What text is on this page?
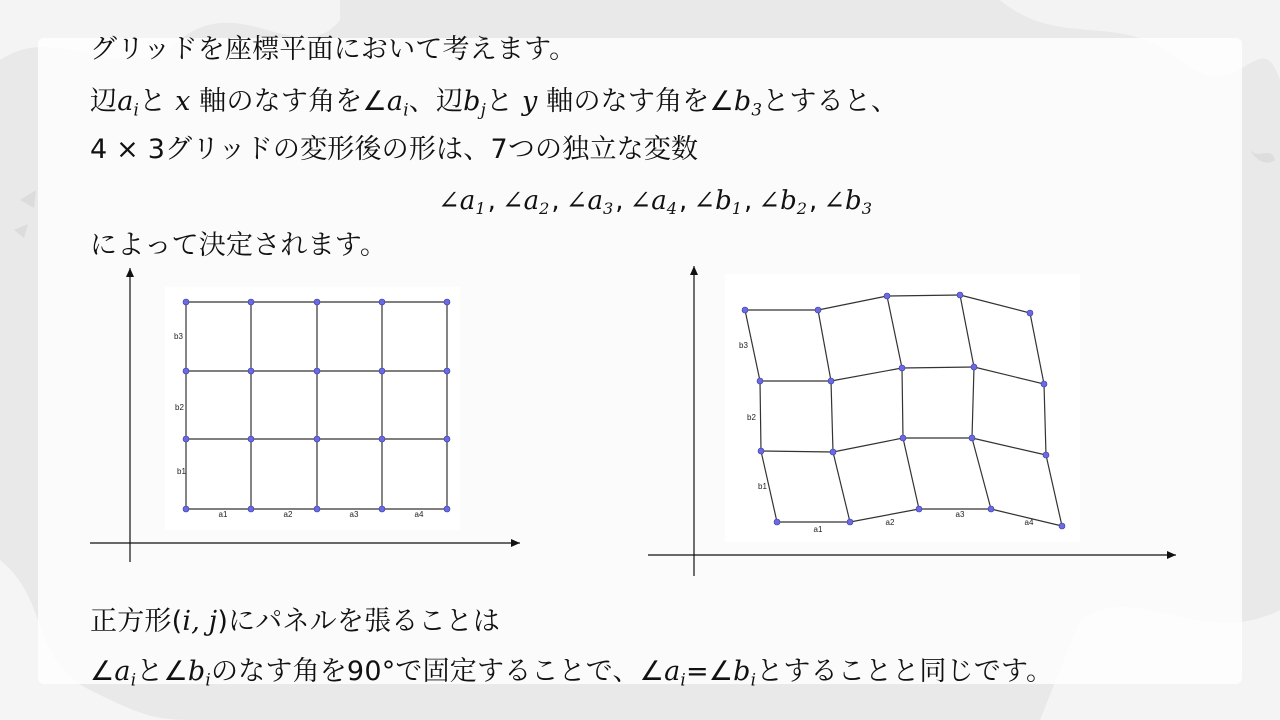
グリッドを座標平面において考えます。
辺$a_i$と x 軸のなす角を$\angle a_i$、辺$b_j$と y 軸のなす角を$\angle b_3$とすると、
4 × 3グリッドの変形後の形は、7つの独立な変数
$\angle a_1$, $\angle a_2$, $\angle a_3$, $\angle a_4$, $\angle b_1$, $\angle b_2$, $\angle b_3$
によって決定されます。
a1	a2	a3	a4
b1
b2
b3
a1
a2
a3
a4
b1
b2
b3
正方形(i, j)にパネルを張ることは
$\angle a_i$と$\angle b_i$のなす角を90°で固定することで、$\angle a_i=\angle b_i$とすることと同じです。
